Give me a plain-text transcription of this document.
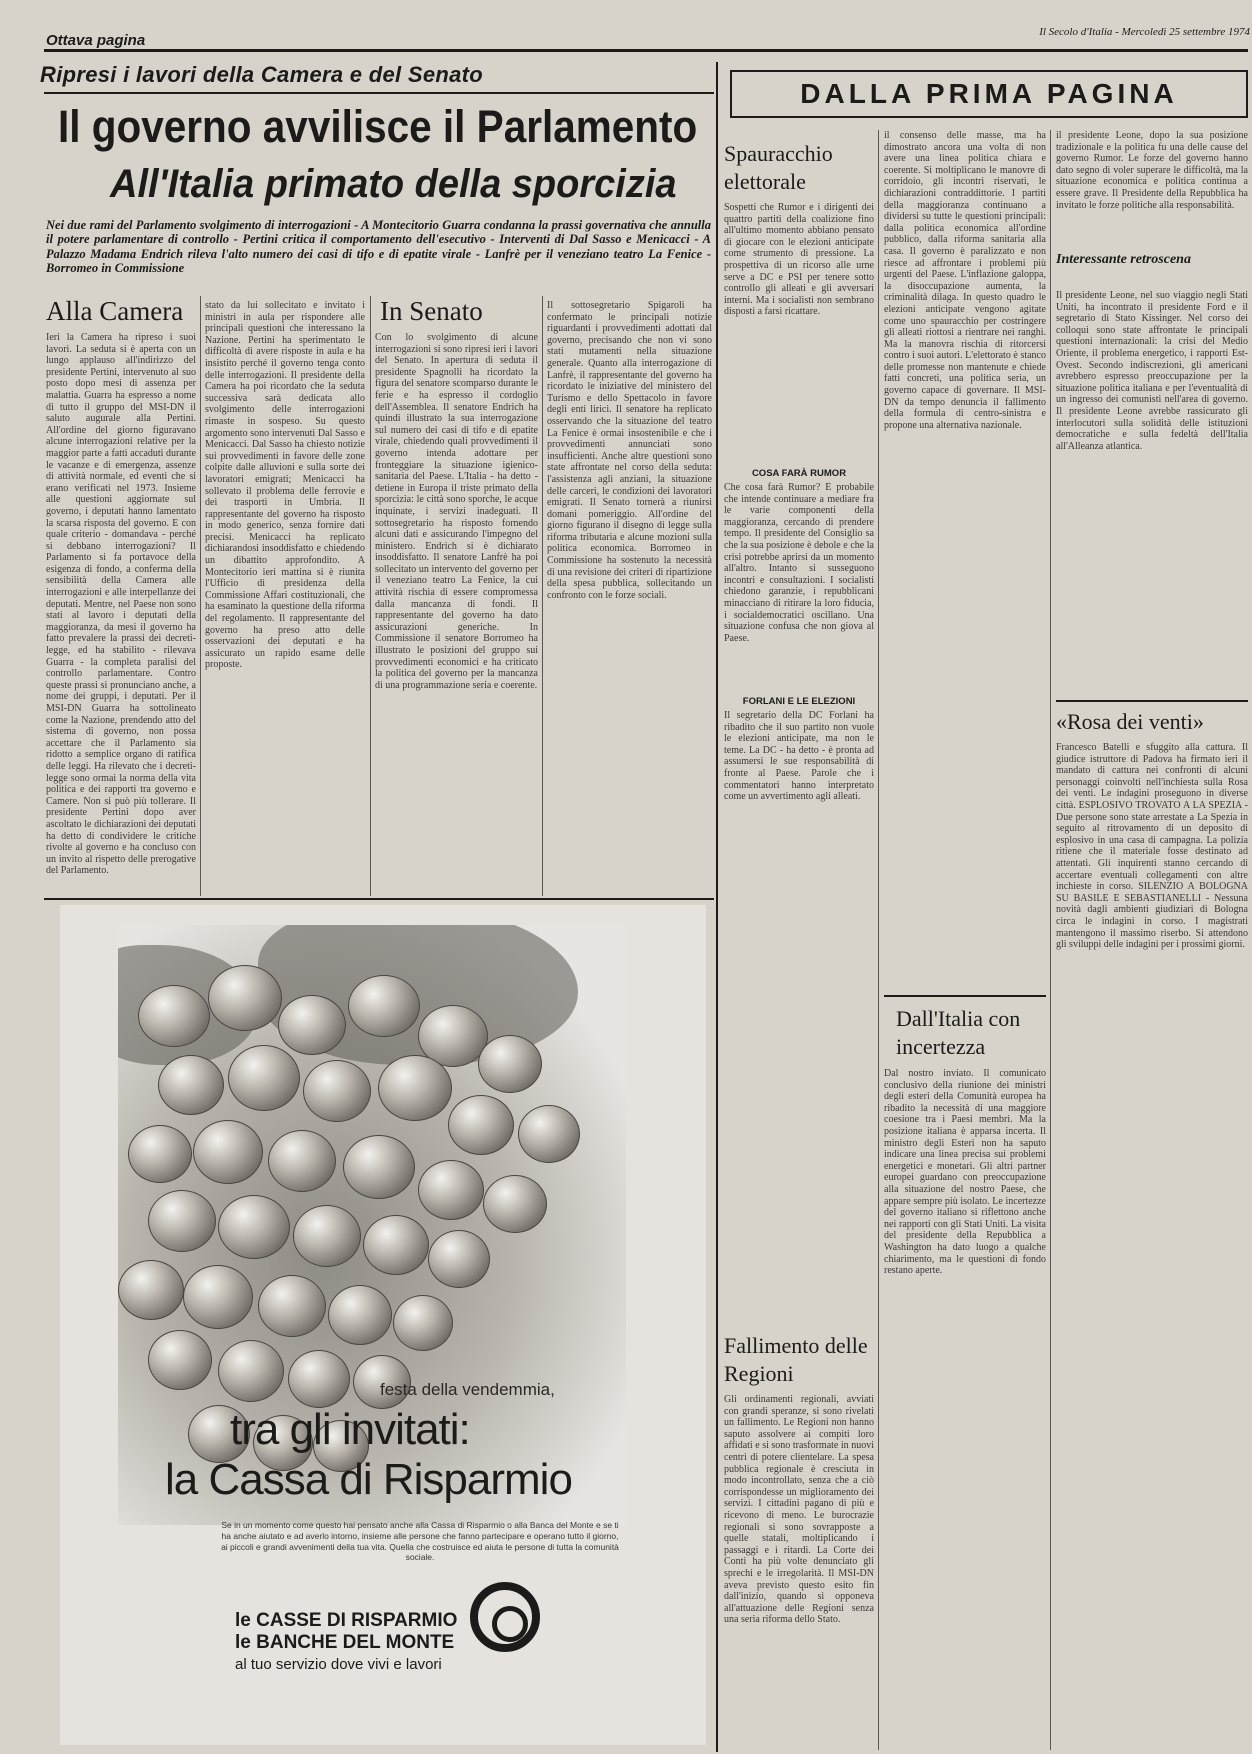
Ottava pagina	Il Secolo d'Italia - Mercoledì 25 settembre 1974
Ripresi i lavori della Camera e del Senato
Il governo avvilisce il Parlamento
All'Italia primato della sporcizia
Nei due rami del Parlamento svolgimento di interrogazioni - A Montecitorio Guarra condanna la prassi governativa che annulla il potere parlamentare di controllo - Pertini critica il comportamento dell'esecutivo - Interventi di Dal Sasso e Menicacci - A Palazzo Madama Endrich rileva l'alto numero dei casi di tifo e di epatite virale - Lanfrè per il veneziano teatro La Fenice - Borromeo in Commissione
Alla Camera	In Senato
Ieri la Camera ha ripreso i suoi lavori. La seduta si è aperta con un lungo applauso all'indirizzo del presidente Pertini, intervenuto al suo posto dopo mesi di assenza per malattia. Guarra ha espresso a nome di tutto il gruppo del MSI-DN il saluto augurale alla Pertini. All'ordine del giorno figuravano alcune interrogazioni relative per la maggior parte a fatti accaduti durante le vacanze e di emergenza, assenze di attività normale, ed eventi che si erano verificati nel 1973. Insieme alle questioni aggiornate sul governo, i deputati hanno lamentato la scarsa risposta del governo. E con quale criterio - domandava - perché si debbano interrogazioni? Il Parlamento si fa portavoce della esigenza di fondo, a conferma della sensibilità della Camera alle interrogazioni e alle interpellanze dei deputati. Mentre, nel Paese non sono stati al lavoro i deputati della maggioranza, da mesi il governo ha fatto prevalere la prassi dei decreti-legge, ed ha stabilito - rilevava Guarra - la completa paralisi del controllo parlamentare. Contro queste prassi si pronunciano anche, a nome dei gruppi, i deputati. Per il MSI-DN Guarra ha sottolineato come la Nazione, prendendo atto del sistema di governo, non possa accettare che il Parlamento sia ridotto a semplice organo di ratifica delle leggi. Ha rilevato che i decreti-legge sono ormai la norma della vita politica e dei rapporti tra governo e Camere. Non si può più tollerare. Il presidente Pertini dopo aver ascoltato le dichiarazioni dei deputati ha detto di condividere le critiche rivolte al governo e ha concluso con un invito al rispetto delle prerogative del Parlamento.
stato da lui sollecitato e invitato i ministri in aula per rispondere alle principali questioni che interessano la Nazione. Pertini ha sperimentato le difficoltà di avere risposte in aula e ha insistito perché il governo tenga conto delle interrogazioni. Il presidente della Camera ha poi ricordato che la seduta successiva sarà dedicata allo svolgimento delle interrogazioni rimaste in sospeso. Su questo argomento sono intervenuti Dal Sasso e Menicacci. Dal Sasso ha chiesto notizie sui provvedimenti in favore delle zone colpite dalle alluvioni e sulla sorte dei lavoratori emigrati; Menicacci ha sollevato il problema delle ferrovie e dei trasporti in Umbria. Il rappresentante del governo ha risposto in modo generico, senza fornire dati precisi. Menicacci ha replicato dichiarandosi insoddisfatto e chiedendo un dibattito approfondito. A Montecitorio ieri mattina si è riunita l'Ufficio di presidenza della Commissione Affari costituzionali, che ha esaminato la questione della riforma del regolamento. Il rappresentante del governo ha preso atto delle osservazioni dei deputati e ha assicurato un rapido esame delle proposte.
Con lo svolgimento di alcune interrogazioni si sono ripresi ieri i lavori del Senato. In apertura di seduta il presidente Spagnolli ha ricordato la figura del senatore scomparso durante le ferie e ha espresso il cordoglio dell'Assemblea. Il senatore Endrich ha quindi illustrato la sua interrogazione sul numero dei casi di tifo e di epatite virale, chiedendo quali provvedimenti il governo intenda adottare per fronteggiare la situazione igienico-sanitaria del Paese. L'Italia - ha detto - detiene in Europa il triste primato della sporcizia: le città sono sporche, le acque inquinate, i servizi inadeguati. Il sottosegretario ha risposto fornendo alcuni dati e assicurando l'impegno del ministero. Endrich si è dichiarato insoddisfatto. Il senatore Lanfrè ha poi sollecitato un intervento del governo per il veneziano teatro La Fenice, la cui attività rischia di essere compromessa dalla mancanza di fondi. Il rappresentante del governo ha dato assicurazioni generiche. In Commissione il senatore Borromeo ha illustrato le posizioni del gruppo sui provvedimenti economici e ha criticato la politica del governo per la mancanza di una programmazione seria e coerente.
Il sottosegretario Spigaroli ha confermato le principali notizie riguardanti i provvedimenti adottati dal governo, precisando che non vi sono stati mutamenti nella situazione generale. Quanto alla interrogazione di Lanfrè, il rappresentante del governo ha ricordato le iniziative del ministero del Turismo e dello Spettacolo in favore degli enti lirici. Il senatore ha replicato osservando che la situazione del teatro La Fenice è ormai insostenibile e che i provvedimenti annunciati sono insufficienti. Anche altre questioni sono state affrontate nel corso della seduta: l'assistenza agli anziani, la situazione delle carceri, le condizioni dei lavoratori emigrati. Il Senato tornerà a riunirsi domani pomeriggio. All'ordine del giorno figurano il disegno di legge sulla riforma tributaria e alcune mozioni sulla politica economica. Borromeo in Commissione ha sostenuto la necessità di una revisione dei criteri di ripartizione della spesa pubblica, sollecitando un confronto con le forze sociali.
festa della vendemmia,
tra gli invitati:
la Cassa di Risparmio
Se in un momento come questo hai pensato anche alla Cassa di Risparmio o alla Banca del Monte e se ti ha anche aiutato e ad averlo intorno, insieme alle persone che fanno partecipare e operano tutto il giorno, ai piccoli e grandi avvenimenti della tua vita. Quella che costruisce ed aiuta le persone di tutta la comunità sociale.
le CASSE DI RISPARMIO
le BANCHE DEL MONTE
al tuo servizio dove vivi e lavori
DALLA PRIMA PAGINA
Spauracchio elettorale
Sospetti che Rumor e i dirigenti dei quattro partiti della coalizione fino all'ultimo momento abbiano pensato di giocare con le elezioni anticipate come strumento di pressione. La prospettiva di un ricorso alle urne serve a DC e PSI per tenere sotto controllo gli alleati e gli avversari interni. Ma i socialisti non sembrano disposti a farsi ricattare.
COSA FARÀ RUMOR
Che cosa farà Rumor? È probabile che intende continuare a mediare fra le varie componenti della maggioranza, cercando di prendere tempo. Il presidente del Consiglio sa che la sua posizione è debole e che la crisi potrebbe aprirsi da un momento all'altro. Intanto si susseguono incontri e consultazioni. I socialisti chiedono garanzie, i repubblicani minacciano di ritirare la loro fiducia, i socialdemocratici oscillano. Una situazione confusa che non giova al Paese.
FORLANI E LE ELEZIONI
Il segretario della DC Forlani ha ribadito che il suo partito non vuole le elezioni anticipate, ma non le teme. La DC - ha detto - è pronta ad assumersi le sue responsabilità di fronte al Paese. Parole che i commentatori hanno interpretato come un avvertimento agli alleati.
Fallimento delle Regioni
Gli ordinamenti regionali, avviati con grandi speranze, si sono rivelati un fallimento. Le Regioni non hanno saputo assolvere ai compiti loro affidati e si sono trasformate in nuovi centri di potere clientelare. La spesa pubblica regionale è cresciuta in modo incontrollato, senza che a ciò corrispondesse un miglioramento dei servizi. I cittadini pagano di più e ricevono di meno. Le burocrazie regionali si sono sovrapposte a quelle statali, moltiplicando i passaggi e i ritardi. La Corte dei Conti ha più volte denunciato gli sprechi e le irregolarità. Il MSI-DN aveva previsto questo esito fin dall'inizio, quando si opponeva all'attuazione delle Regioni senza una seria riforma dello Stato.
il consenso delle masse, ma ha dimostrato ancora una volta di non avere una linea politica chiara e coerente. Si moltiplicano le manovre di corridoio, gli incontri riservati, le dichiarazioni contraddittorie. I partiti della maggioranza continuano a dividersi su tutte le questioni principali: dalla politica economica all'ordine pubblico, dalla riforma sanitaria alla casa. Il governo è paralizzato e non riesce ad affrontare i problemi più urgenti del Paese. L'inflazione galoppa, la disoccupazione aumenta, la criminalità dilaga. In questo quadro le elezioni anticipate vengono agitate come uno spauracchio per costringere gli alleati riottosi a rientrare nei ranghi. Ma la manovra rischia di ritorcersi contro i suoi autori. L'elettorato è stanco delle promesse non mantenute e chiede fatti concreti, una politica seria, un governo capace di governare. Il MSI-DN da tempo denuncia il fallimento della formula di centro-sinistra e propone una alternativa nazionale.
Dall'Italia con incertezza
Dal nostro inviato. Il comunicato conclusivo della riunione dei ministri degli esteri della Comunità europea ha ribadito la necessità di una maggiore coesione tra i Paesi membri. Ma la posizione italiana è apparsa incerta. Il ministro degli Esteri non ha saputo indicare una linea precisa sui problemi energetici e monetari. Gli altri partner europei guardano con preoccupazione alla situazione del nostro Paese, che appare sempre più isolato. Le incertezze del governo italiano si riflettono anche nei rapporti con gli Stati Uniti. La visita del presidente della Repubblica a Washington ha dato luogo a qualche chiarimento, ma le questioni di fondo restano aperte.
il presidente Leone, dopo la sua posizione tradizionale e la politica fu una delle cause del governo Rumor. Le forze del governo hanno dato segno di voler superare le difficoltà, ma la situazione economica e politica continua a essere grave. Il Presidente della Repubblica ha invitato le forze politiche alla responsabilità.
Interessante retroscena
Il presidente Leone, nel suo viaggio negli Stati Uniti, ha incontrato il presidente Ford e il segretario di Stato Kissinger. Nel corso dei colloqui sono state affrontate le principali questioni internazionali: la crisi del Medio Oriente, il problema energetico, i rapporti Est-Ovest. Secondo indiscrezioni, gli americani avrebbero espresso preoccupazione per la situazione politica italiana e per l'eventualità di un ingresso dei comunisti nell'area di governo. Il presidente Leone avrebbe rassicurato gli interlocutori sulla solidità delle istituzioni democratiche e sulla fedeltà dell'Italia all'Alleanza atlantica.
«Rosa dei venti»
Francesco Batelli e sfuggito alla cattura. Il giudice istruttore di Padova ha firmato ieri il mandato di cattura nei confronti di alcuni personaggi coinvolti nell'inchiesta sulla Rosa dei venti. Le indagini proseguono in diverse città. ESPLOSIVO TROVATO A LA SPEZIA - Due persone sono state arrestate a La Spezia in seguito al ritrovamento di un deposito di esplosivo in una casa di campagna. La polizia ritiene che il materiale fosse destinato ad attentati. Gli inquirenti stanno cercando di accertare eventuali collegamenti con altre inchieste in corso. SILENZIO A BOLOGNA SU BASILE E SEBASTIANELLI - Nessuna novità dagli ambienti giudiziari di Bologna circa le indagini in corso. I magistrati mantengono il massimo riserbo. Si attendono gli sviluppi delle indagini per i prossimi giorni.
